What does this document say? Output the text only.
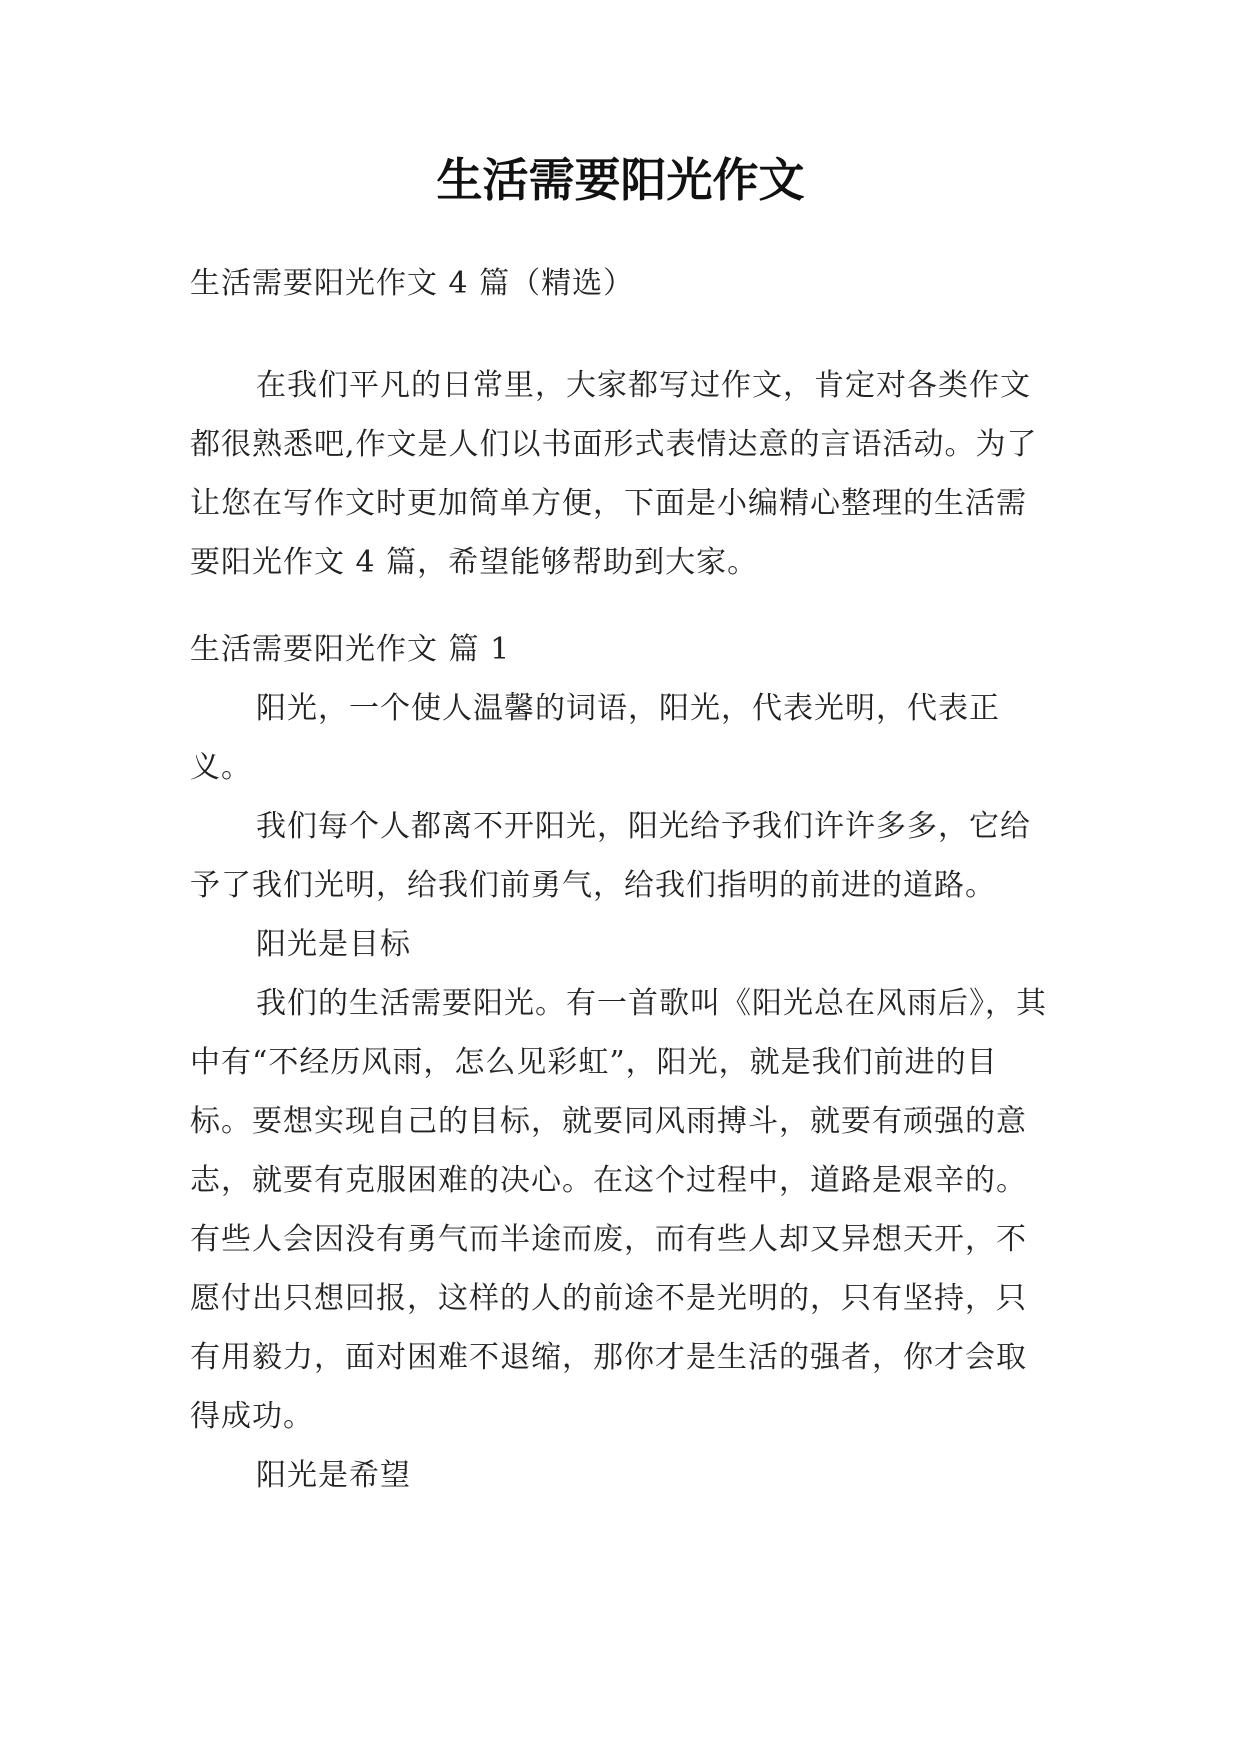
生活需要阳光作文
生活需要阳光作文 4 篇（精选）
在我们平凡的日常里，大家都写过作文，肯定对各类作文都很熟悉吧,作文是人们以书面形式表情达意的言语活动。为了让您在写作文时更加简单方便，下面是小编精心整理的生活需要阳光作文 4 篇，希望能够帮助到大家。
生活需要阳光作文 篇 1

阳光，一个使人温馨的词语，阳光，代表光明，代表正义。

我们每个人都离不开阳光，阳光给予我们许许多多，它给予了我们光明，给我们前勇气，给我们指明的前进的道路。

阳光是目标

我们的生活需要阳光。有一首歌叫《阳光总在风雨后》，其中有“不经历风雨，怎么见彩虹”，阳光，就是我们前进的目标。要想实现自己的目标，就要同风雨搏斗，就要有顽强的意志，就要有克服困难的决心。在这个过程中，道路是艰辛的。有些人会因没有勇气而半途而废，而有些人却又异想天开，不愿付出只想回报，这样的人的前途不是光明的，只有坚持，只有用毅力，面对困难不退缩，那你才是生活的强者，你才会取得成功。

阳光是希望
